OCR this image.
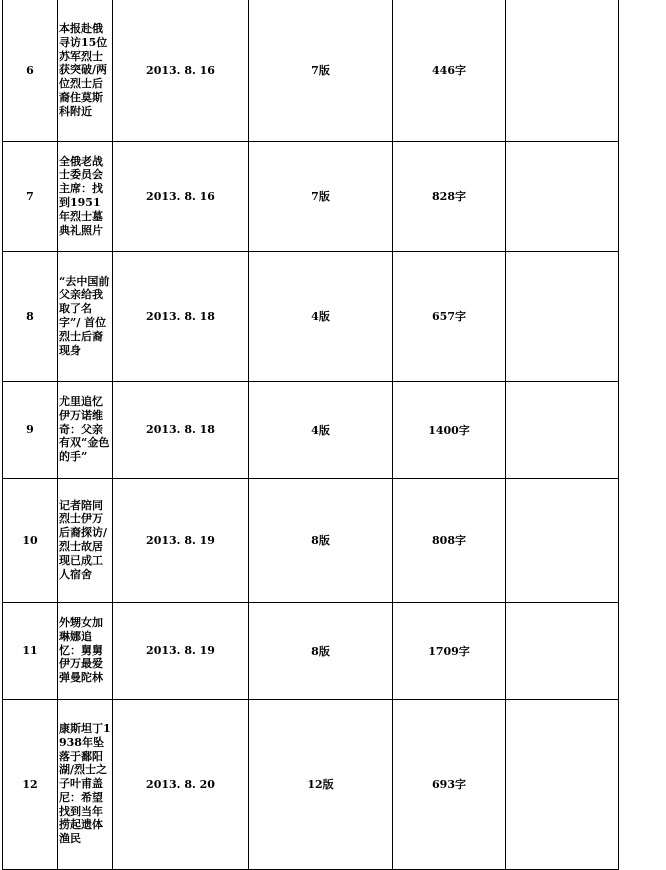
6	本报赴俄寻访15位苏军烈士获突破/两位烈士后裔住莫斯科附近	2013. 8. 16	7版	446字	
7	全俄老战士委员会主席：找到1951年烈士墓典礼照片	2013. 8. 16	7版	828字	
8	“去中国前父亲给我取了名字”/ 首位烈士后裔现身	2013. 8. 18	4版	657字	
9	尤里追忆伊万诺维奇：父亲有双“金色的手”	2013. 8. 18	4版	1400字	
10	记者陪同烈士伊万后裔探访/烈士故居现已成工人宿舍	2013. 8. 19	8版	808字	
11	外甥女加琳娜追忆：舅舅伊万最爱弹曼陀林	2013. 8. 19	8版	1709字	
12	康斯坦丁1938年坠落于鄱阳湖/烈士之子叶甫盖尼：希望找到当年捞起遗体渔民	2013. 8. 20	12版	693字	
